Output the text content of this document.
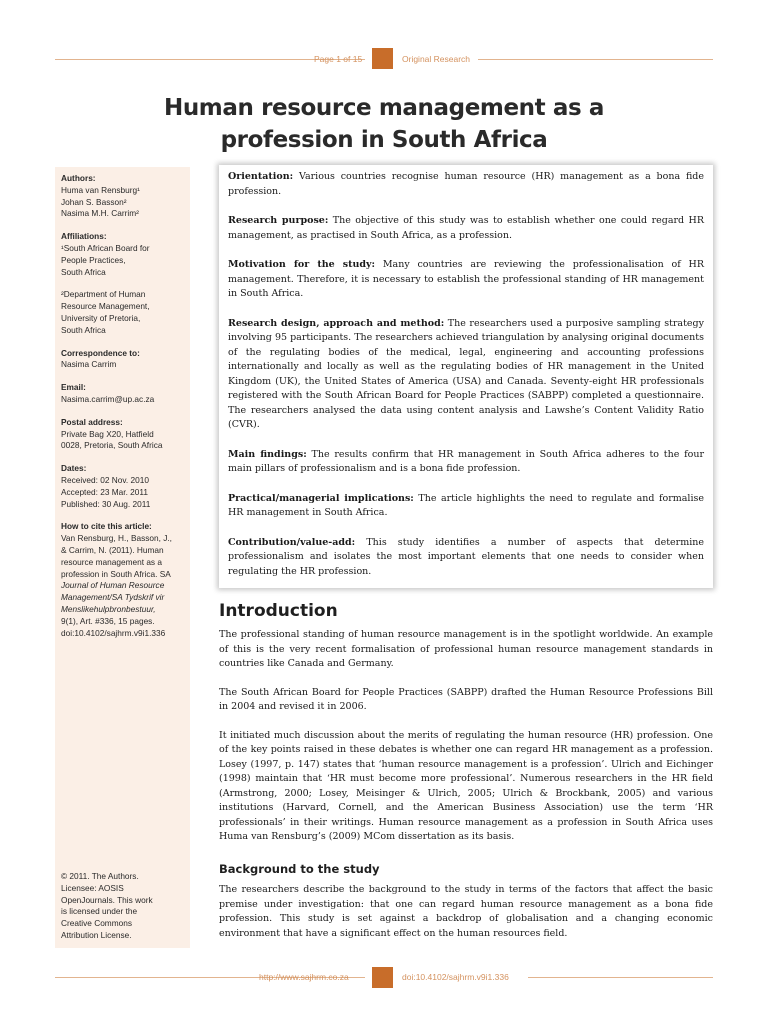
Page 1 of 15	Original Research
Human resource management as a
profession in South Africa
Authors:
Huma van Rensburg¹
Johan S. Basson²
Nasima M.H. Carrim²
Affiliations:
¹South African Board for
People Practices,
South Africa
²Department of Human
Resource Management,
University of Pretoria,
South Africa
Correspondence to:
Nasima Carrim
Email:
Nasima.carrim@up.ac.za
Postal address:
Private Bag X20, Hatfield
0028, Pretoria, South Africa
Dates:
Received: 02 Nov. 2010
Accepted: 23 Mar. 2011
Published: 30 Aug. 2011
How to cite this article:
Van Rensburg, H., Basson, J.,
& Carrim, N. (2011). Human
resource management as a
profession in South Africa. SA
Journal of Human Resource
Management/SA Tydskrif vir
Menslikehulpbronbestuur,
9(1), Art. #336, 15 pages.
doi:10.4102/sajhrm.v9i1.336
© 2011. The Authors.
Licensee: AOSIS
OpenJournals. This work
is licensed under the
Creative Commons
Attribution License.

Orientation: Various countries recognise human resource (HR) management as a bona fide profession.

Research purpose: The objective of this study was to establish whether one could regard HR management, as practised in South Africa, as a profession.

Motivation for the study: Many countries are reviewing the professionalisation of HR management. Therefore, it is necessary to establish the professional standing of HR management in South Africa.

Research design, approach and method: The researchers used a purposive sampling strategy involving 95 participants. The researchers achieved triangulation by analysing original documents of the regulating bodies of the medical, legal, engineering and accounting professions internationally and locally as well as the regulating bodies of HR management in the United Kingdom (UK), the United States of America (USA) and Canada. Seventy-eight HR professionals registered with the South African Board for People Practices (SABPP) completed a questionnaire. The researchers analysed the data using content analysis and Lawshe’s Content Validity Ratio (CVR).

Main findings: The results confirm that HR management in South Africa adheres to the four main pillars of professionalism and is a bona fide profession.

Practical/managerial implications: The article highlights the need to regulate and formalise HR management in South Africa.

Contribution/value-add: This study identifies a number of aspects that determine professionalism and isolates the most important elements that one needs to consider when regulating the HR profession.

Introduction

The professional standing of human resource management is in the spotlight worldwide. An example of this is the very recent formalisation of professional human resource management standards in countries like Canada and Germany.

The South African Board for People Practices (SABPP) drafted the Human Resource Professions Bill in 2004 and revised it in 2006.

It initiated much discussion about the merits of regulating the human resource (HR) profession. One of the key points raised in these debates is whether one can regard HR management as a profession. Losey (1997, p. 147) states that ‘human resource management is a profession’. Ulrich and Eichinger (1998) maintain that ‘HR must become more professional’. Numerous researchers in the HR field (Armstrong, 2000; Losey, Meisinger & Ulrich, 2005; Ulrich & Brockbank, 2005) and various institutions (Harvard, Cornell, and the American Business Association) use the term ‘HR professionals’ in their writings. Human resource management as a profession in South Africa uses Huma van Rensburg’s (2009) MCom dissertation as its basis.

Background to the study

The researchers describe the background to the study in terms of the factors that affect the basic premise under investigation: that one can regard human resource management as a bona fide profession. This study is set against a backdrop of globalisation and a changing economic environment that have a significant effect on the human resources field.

http://www.sajhrm.co.za	doi:10.4102/sajhrm.v9i1.336
